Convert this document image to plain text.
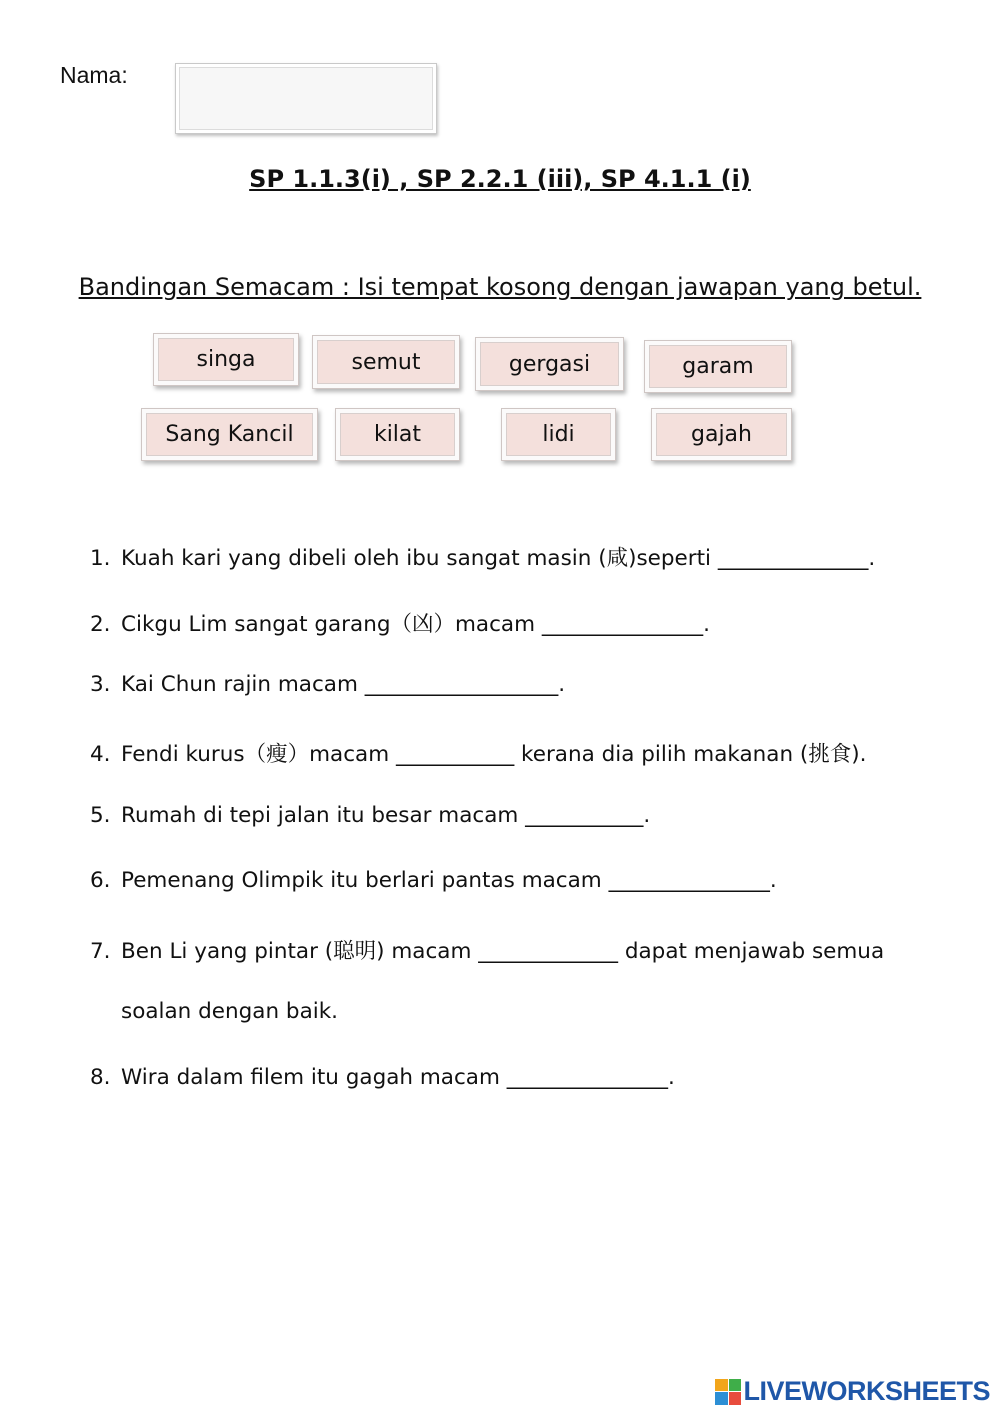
Nama:
SP 1.1.3(i) , SP 2.2.1 (iii), SP 4.1.1 (i)
Bandingan Semacam : Isi tempat kosong dengan jawapan yang betul.
singa	semut	gergasi	garam
Sang Kancil	kilat	lidi	gajah
1. Kuah kari yang dibeli oleh ibu sangat masin (咸)seperti ______________.
2. Cikgu Lim sangat garang（凶）macam _______________.
3. Kai Chun rajin macam __________________.
4. Fendi kurus（瘦）macam ___________ kerana dia pilih makanan (挑食).
5. Rumah di tepi jalan itu besar macam ___________.
6. Pemenang Olimpik itu berlari pantas macam _______________.
7. Ben Li yang pintar (聪明) macam _____________ dapat menjawab semua
soalan dengan baik.
8. Wira dalam filem itu gagah macam _______________.
LIVEWORKSHEETS
